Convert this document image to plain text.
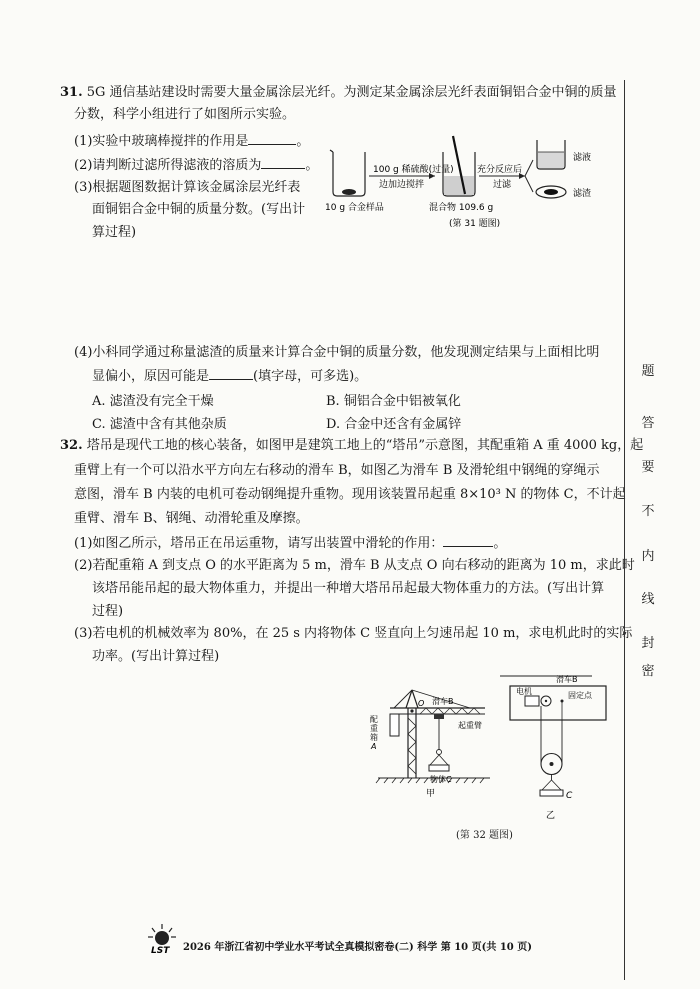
31. 5G 通信基站建设时需要大量金属涂层光纤。为测定某金属涂层光纤表面铜铝合金中铜的质量
分数，科学小组进行了如图所示实验。
(1)实验中玻璃棒搅拌的作用是	。
(2)请判断过滤所得滤液的溶质为	。
(3)根据题图数据计算该金属涂层光纤表
面铜铝合金中铜的质量分数。(写出计
算过程)
10 g 合金样品
100 g 稀硫酸(过量)
边加边搅拌
混合物 109.6 g
充分反应后
过滤
滤液
滤渣
(第 31 题图)
(4)小科同学通过称量滤渣的质量来计算合金中铜的质量分数，他发现测定结果与上面相比明
显偏小，原因可能是	(填字母，可多选)。
A. 滤渣没有完全干燥	B. 铜铝合金中铝被氧化
C. 滤渣中含有其他杂质	D. 合金中还含有金属锌
32. 塔吊是现代工地的核心装备，如图甲是建筑工地上的“塔吊”示意图，其配重箱 A 重 4000 kg，起
重臂上有一个可以沿水平方向左右移动的滑车 B，如图乙为滑车 B 及滑轮组中钢绳的穿绳示
意图，滑车 B 内装的电机可卷动钢绳提升重物。现用该装置吊起重 8×10³ N 的物体 C，不计起
重臂、滑车 B、钢绳、动滑轮重及摩擦。
(1)如图乙所示，塔吊正在吊运重物，请写出装置中滑轮的作用：	。
(2)若配重箱 A 到支点 O 的水平距离为 5 m，滑车 B 从支点 O 向右移动的距离为 10 m，求此时
该塔吊能吊起的最大物体重力，并提出一种增大塔吊吊起最大物体重力的方法。(写出计算
过程)
(3)若电机的机械效率为 80%，在 25 s 内将物体 C 竖直向上匀速吊起 10 m，求电机此时的实际
功率。(写出计算过程)
配
重
箱
A
O 滑车B
起重臂
物体C
甲
滑车B
电机	固定点
C
乙
(第 32 题图)
题
答
要
不
内
线
封
密
LST 2026 年浙江省初中学业水平考试全真模拟密卷(二) 科学 第 10 页(共 10 页)
